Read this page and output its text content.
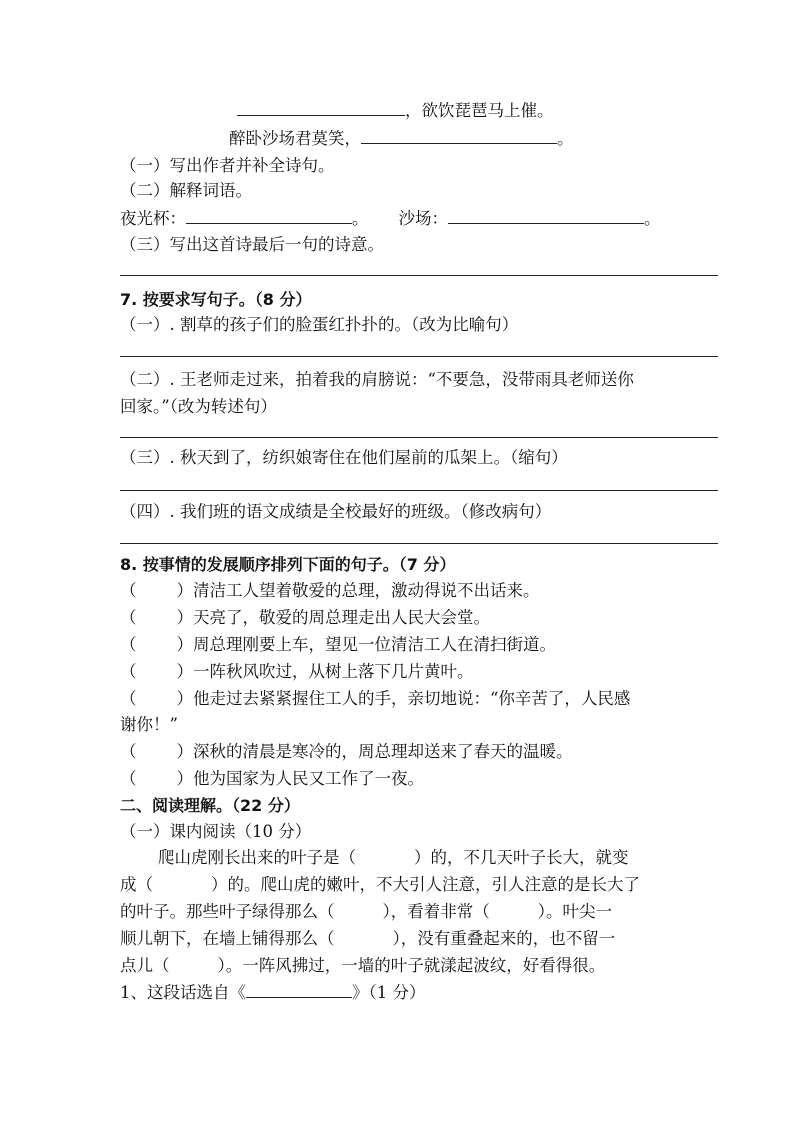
，欲饮琵琶马上催。
醉卧沙场君莫笑，	。
（一）写出作者并补全诗句。
（二）解释词语。
夜光杯：	。 沙场：	。
（三）写出这首诗最后一句的诗意。
7. 按要求写句子。（8 分）
（一）. 割草的孩子们的脸蛋红扑扑的。（改为比喻句）
（二）. 王老师走过来，拍着我的肩膀说：“不要急，没带雨具老师送你
回家。”（改为转述句）
（三）. 秋天到了，纺织娘寄住在他们屋前的瓜架上。（缩句）
（四）. 我们班的语文成绩是全校最好的班级。（修改病句）
8. 按事情的发展顺序排列下面的句子。（7 分）
（ ）清洁工人望着敬爱的总理，激动得说不出话来。
（ ）天亮了，敬爱的周总理走出人民大会堂。
（ ）周总理刚要上车，望见一位清洁工人在清扫街道。
（ ）一阵秋风吹过，从树上落下几片黄叶。
（ ）他走过去紧紧握住工人的手，亲切地说：“你辛苦了，人民感
谢你！”
（ ）深秋的清晨是寒冷的，周总理却送来了春天的温暖。
（ ）他为国家为人民又工作了一夜。
二、阅读理解。（22 分）
（一）课内阅读（10 分）
爬山虎刚长出来的叶子是（	）的，不几天叶子长大，就变
成（	）的。爬山虎的嫩叶，不大引人注意，引人注意的是长大了
的叶子。那些叶子绿得那么（	），看着非常（	）。叶尖一
顺儿朝下，在墙上铺得那么（	），没有重叠起来的，也不留一
点儿（	）。一阵风拂过，一墙的叶子就漾起波纹，好看得很。
1、这段话选自《	》（1 分）
